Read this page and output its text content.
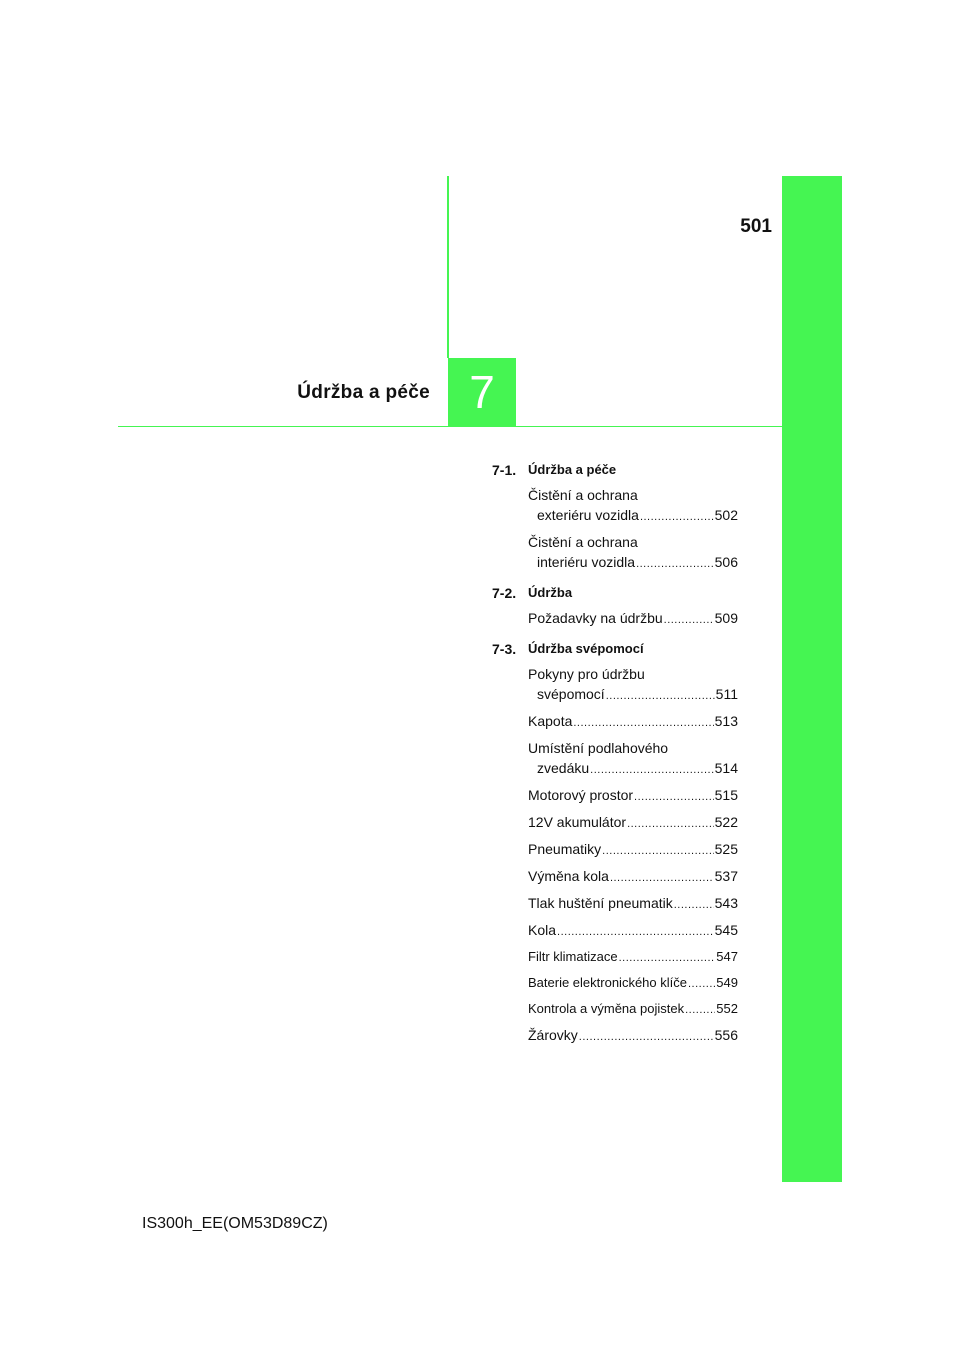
501
Údržba a péče 7
7-1. Údržba a péče
Čistění a ochrana
exteriéru vozidla .....	502
Čistění a ochrana
interiéru vozidla .....	506
7-2. Údržba
Požadavky na údržbu .....	509
7-3. Údržba svépomocí
Pokyny pro údržbu
svépomocí .....	511
Kapota .....	513
Umístění podlahového
zvedáku .....	514
Motorový prostor .....	515
12V akumulátor .....	522
Pneumatiky .....	525
Výměna kola .....	537
Tlak huštění pneumatik .....	543
Kola .....	545
Filtr klimatizace .....	547
Baterie elektronického klíče ..... 549
Kontrola a výměna pojistek ..... 552
Žárovky .....	556
IS300h_EE(OM53D89CZ)
